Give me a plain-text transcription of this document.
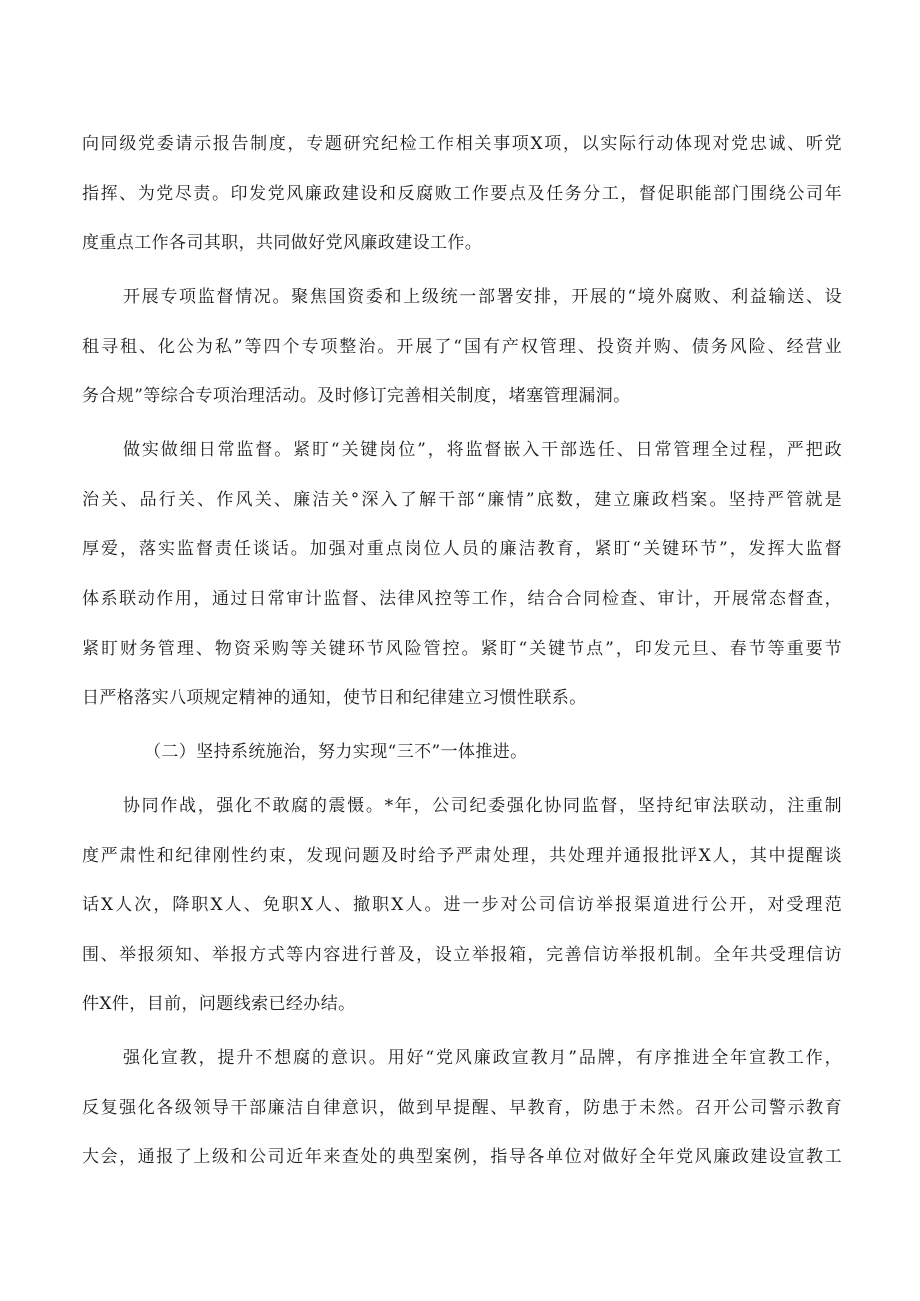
向同级党委请示报告制度，专题研究纪检工作相关事项X项，以实际行动体现对党忠诚、听党
指挥、为党尽责。印发党风廉政建设和反腐败工作要点及任务分工，督促职能部门围绕公司年
度重点工作各司其职，共同做好党风廉政建设工作。
开展专项监督情况。聚焦国资委和上级统一部署安排，开展的“境外腐败、利益输送、设
租寻租、化公为私”等四个专项整治。开展了“国有产权管理、投资并购、债务风险、经营业
务合规”等综合专项治理活动。及时修订完善相关制度，堵塞管理漏洞。
做实做细日常监督。紧盯“关键岗位”，将监督嵌入干部选任、日常管理全过程，严把政
治关、品行关、作风关、廉洁关°深入了解干部“廉情”底数，建立廉政档案。坚持严管就是
厚爱，落实监督责任谈话。加强对重点岗位人员的廉洁教育，紧盯“关键环节”，发挥大监督
体系联动作用，通过日常审计监督、法律风控等工作，结合合同检查、审计，开展常态督查，
紧盯财务管理、物资采购等关键环节风险管控。紧盯“关键节点”，印发元旦、春节等重要节
日严格落实八项规定精神的通知，使节日和纪律建立习惯性联系。
（二）坚持系统施治，努力实现“三不”一体推进。
协同作战，强化不敢腐的震慑。*年，公司纪委强化协同监督，坚持纪审法联动，注重制
度严肃性和纪律刚性约束，发现问题及时给予严肃处理，共处理并通报批评X人，其中提醒谈
话X人次，降职X人、免职X人、撤职X人。进一步对公司信访举报渠道进行公开，对受理范
围、举报须知、举报方式等内容进行普及，设立举报箱，完善信访举报机制。全年共受理信访
件X件，目前，问题线索已经办结。
强化宣教，提升不想腐的意识。用好“党风廉政宣教月”品牌，有序推进全年宣教工作，
反复强化各级领导干部廉洁自律意识，做到早提醒、早教育，防患于未然。召开公司警示教育
大会，通报了上级和公司近年来查处的典型案例，指导各单位对做好全年党风廉政建设宣教工
